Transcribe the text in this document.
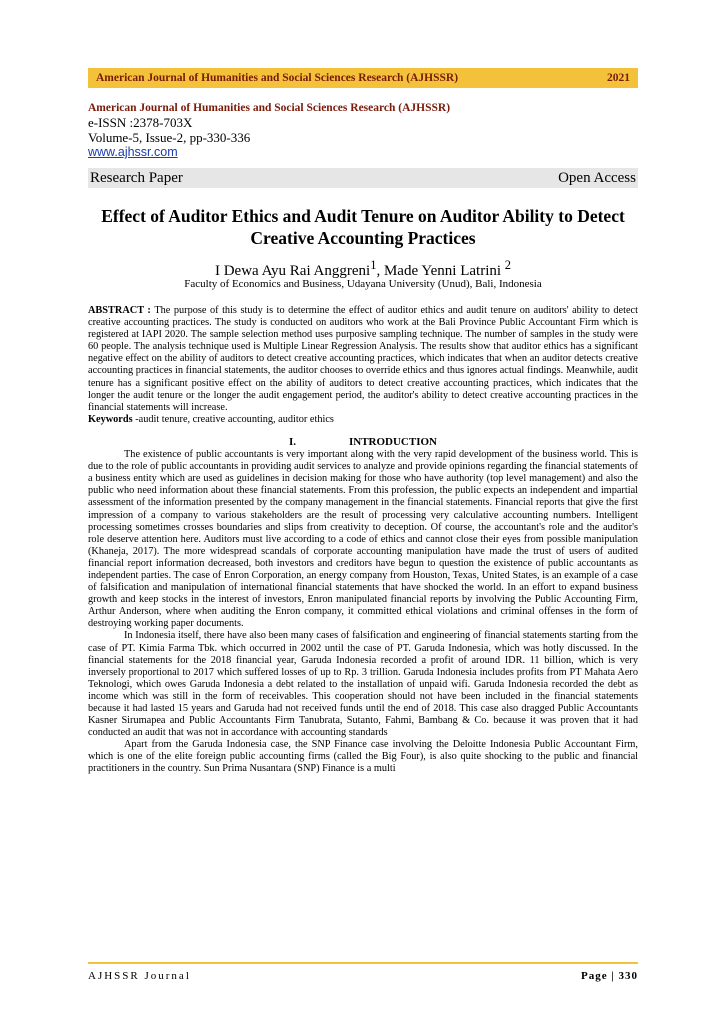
American Journal of Humanities and Social Sciences Research (AJHSSR)	2021
American Journal of Humanities and Social Sciences Research (AJHSSR)
e-ISSN :2378-703X
Volume-5, Issue-2, pp-330-336
www.ajhssr.com
Research Paper	Open Access
Effect of Auditor Ethics and Audit Tenure on Auditor Ability to Detect Creative Accounting Practices
I Dewa Ayu Rai Anggreni$^1$, Made Yenni Latrini $^2$
Faculty of Economics and Business, Udayana University (Unud), Bali, Indonesia

ABSTRACT : The purpose of this study is to determine the effect of auditor ethics and audit tenure on auditors' ability to detect creative accounting practices. The study is conducted on auditors who work at the Bali Province Public Accountant Firm which is registered at IAPI 2020. The sample selection method uses purposive sampling technique. The number of samples in the study were 60 people. The analysis technique used is Multiple Linear Regression Analysis. The results show that auditor ethics has a significant negative effect on the ability of auditors to detect creative accounting practices, which indicates that when an auditor detects creative accounting practices in financial statements, the auditor chooses to override ethics and thus ignores actual findings. Meanwhile, audit tenure has a significant positive effect on the ability of auditors to detect creative accounting practices, which indicates that the longer the audit tenure or the longer the audit engagement period, the auditor's ability to detect creative accounting practices in the financial statements will increase.

Keywords -audit tenure, creative accounting, auditor ethics

I.	INTRODUCTION

The existence of public accountants is very important along with the very rapid development of the business world. This is due to the role of public accountants in providing audit services to analyze and provide opinions regarding the financial statements of a business entity which are used as guidelines in decision making for those who have authority (top level management) and also the public who need information about these financial statements. From this profession, the public expects an independent and impartial assessment of the information presented by the company management in the financial statements. Financial reports that give the first impression of a company to various stakeholders are the result of processing very calculative accounting numbers. Intelligent processing sometimes crosses boundaries and slips from creativity to deception. Of course, the accountant's role and the auditor's role deserve attention here. Auditors must live according to a code of ethics and cannot close their eyes from possible manipulation (Khaneja, 2017). The more widespread scandals of corporate accounting manipulation have made the trust of users of audited financial report information decreased, both investors and creditors have begun to question the existence of public accountants as independent parties. The case of Enron Corporation, an energy company from Houston, Texas, United States, is an example of a case of falsification and manipulation of international financial statements that have shocked the world. In an effort to expand business growth and keep stocks in the interest of investors, Enron manipulated financial reports by involving the Public Accounting Firm, Arthur Anderson, where when auditing the Enron company, it committed ethical violations and criminal offenses in the form of destroying working paper documents.

In Indonesia itself, there have also been many cases of falsification and engineering of financial statements starting from the case of PT. Kimia Farma Tbk. which occurred in 2002 until the case of PT. Garuda Indonesia, which was hotly discussed. In the financial statements for the 2018 financial year, Garuda Indonesia recorded a profit of around IDR. 11 billion, which is very inversely proportional to 2017 which suffered losses of up to Rp. 3 trillion. Garuda Indonesia includes profits from PT Mahata Aero Teknologi, which owes Garuda Indonesia a debt related to the installation of unpaid wifi. Garuda Indonesia recorded the debt as income which was still in the form of receivables. This cooperation should not have been included in the financial statements because it had lasted 15 years and Garuda had not received funds until the end of 2018. This case also dragged Public Accountants Kasner Sirumapea and Public Accountants Firm Tanubrata, Sutanto, Fahmi, Bambang & Co. because it was proven that it had conducted an audit that was not in accordance with accounting standards

Apart from the Garuda Indonesia case, the SNP Finance case involving the Deloitte Indonesia Public Accountant Firm, which is one of the elite foreign public accounting firms (called the Big Four), is also quite shocking to the public and financial practitioners in the country. Sun Prima Nusantara (SNP) Finance is a multi

AJHSSR Journal	Page | 330
